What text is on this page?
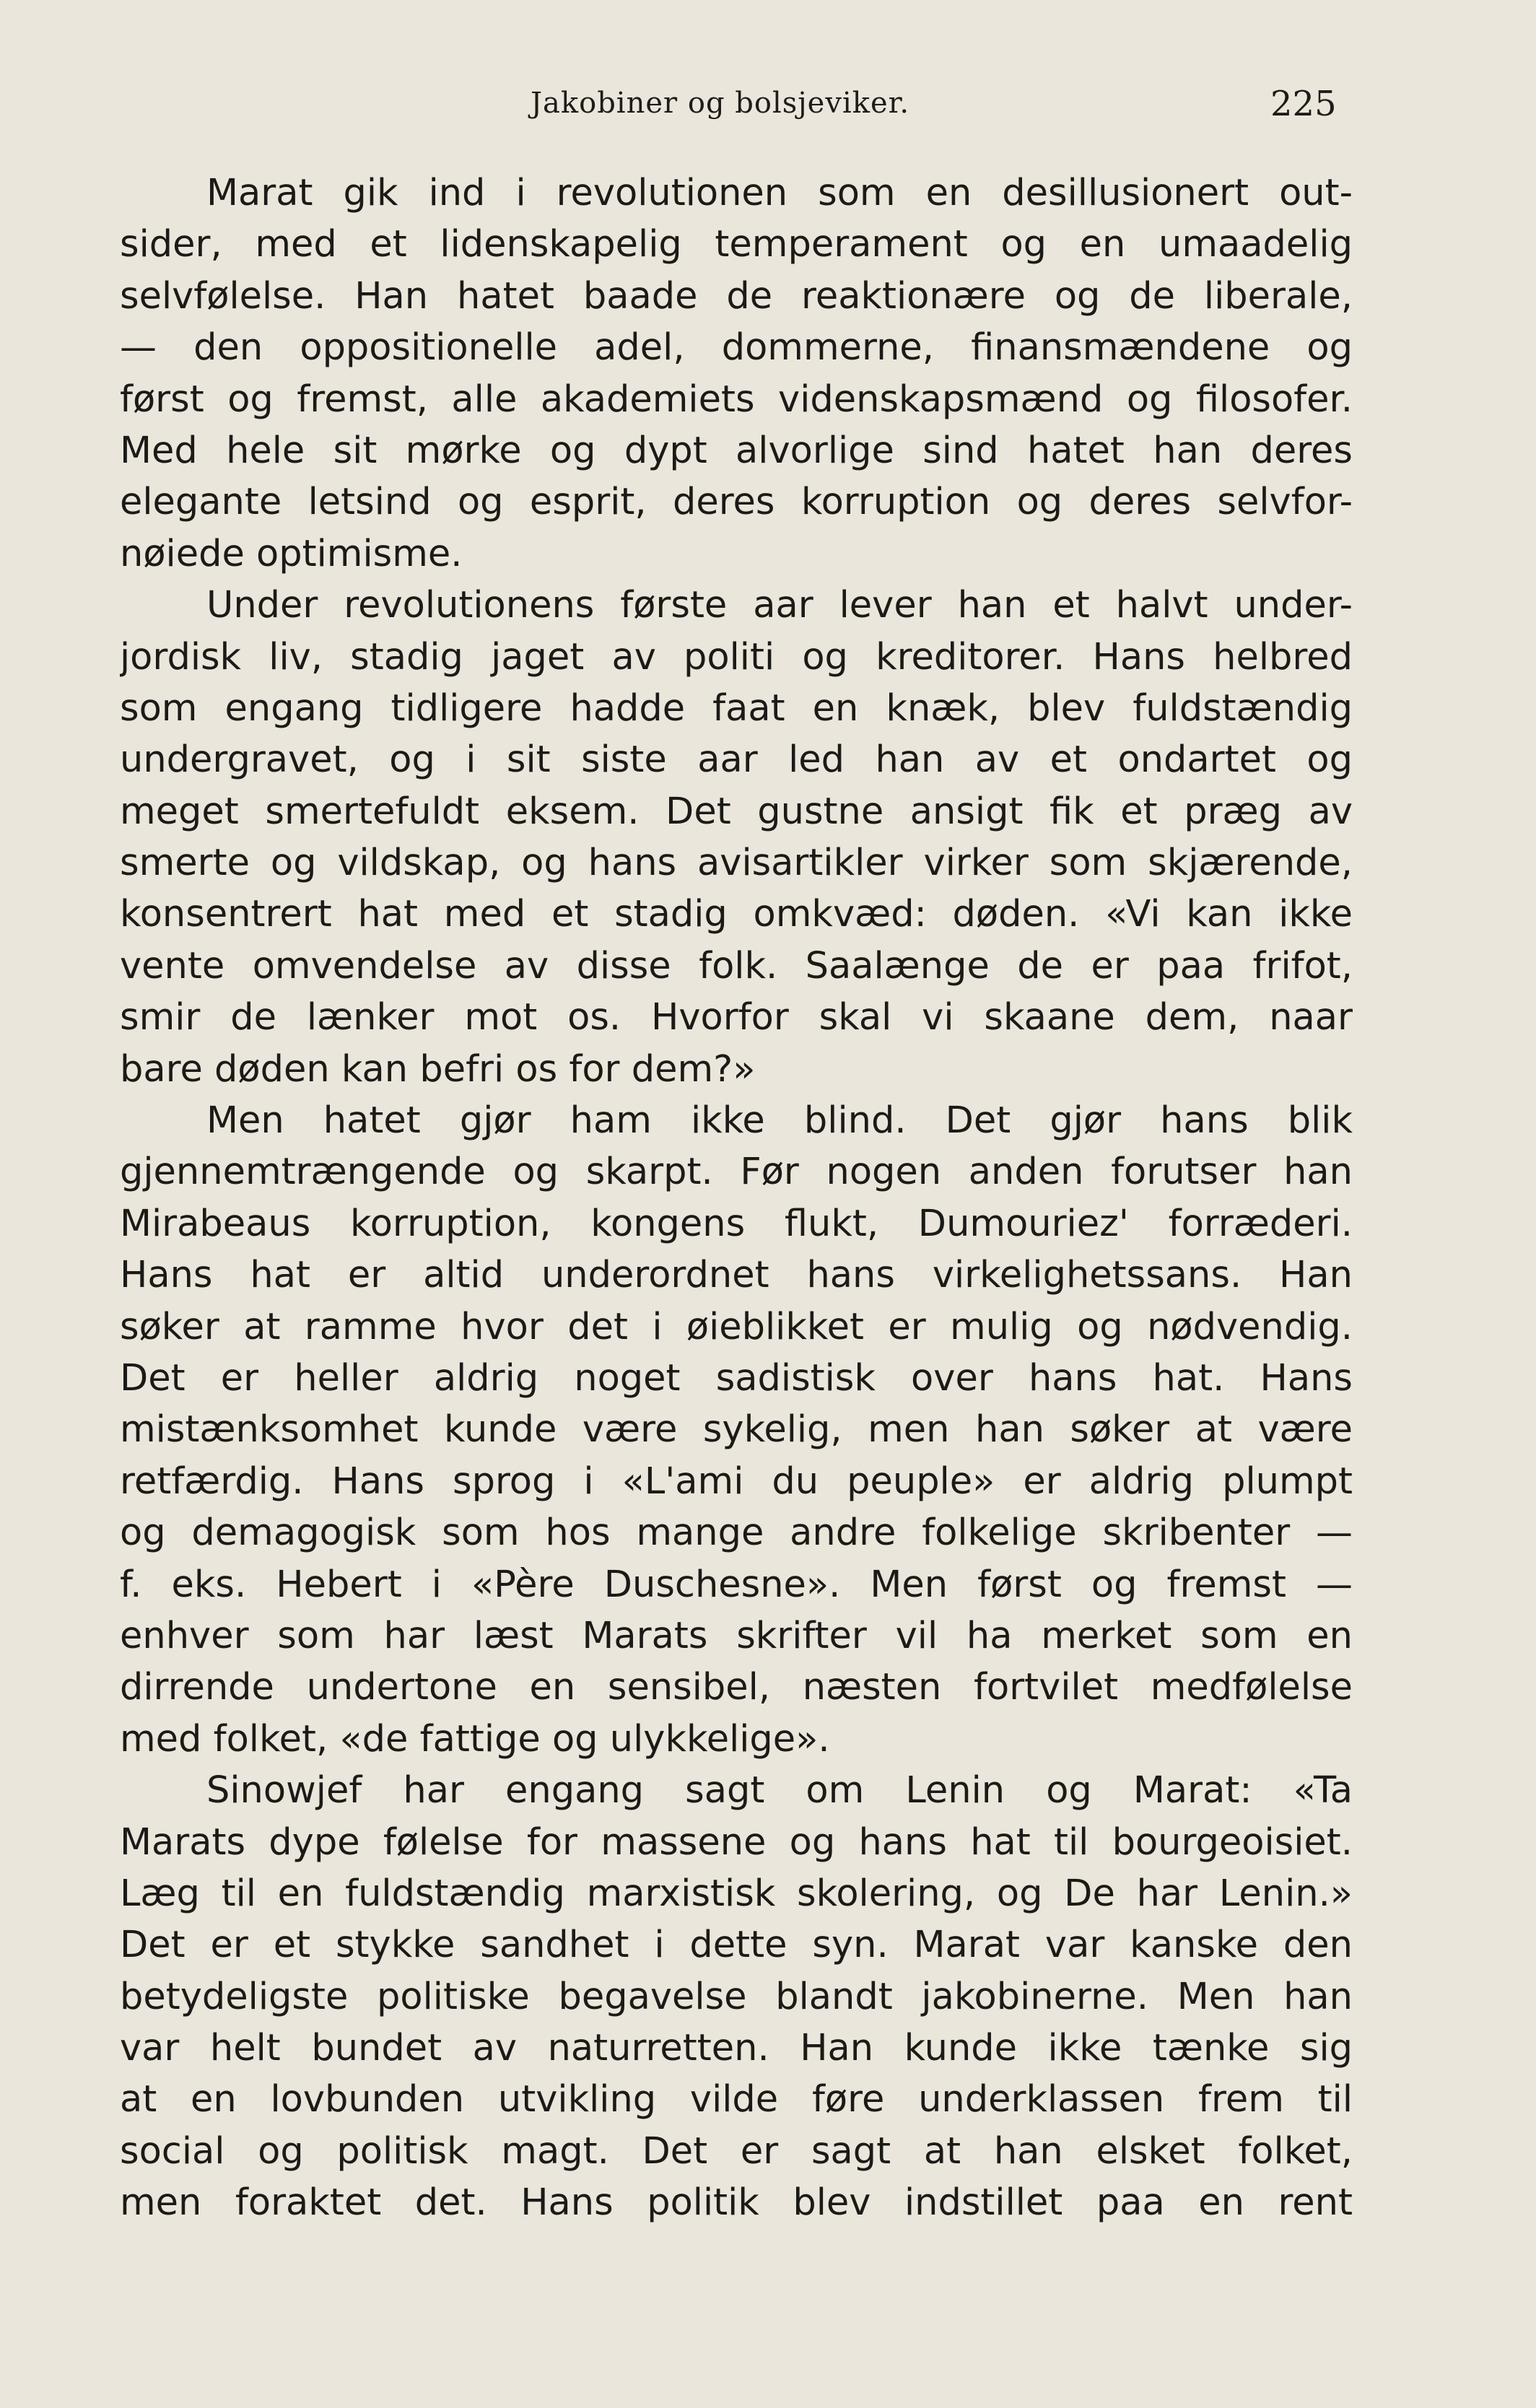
Jakobiner og bolsjeviker.	225
Marat gik ind i revolutionen som en desillusionert out-
sider, med et lidenskapelig temperament og en umaadelig
selvfølelse. Han hatet baade de reaktionære og de liberale,
— den oppositionelle adel, dommerne, finansmændene og
først og fremst, alle akademiets videnskapsmænd og filosofer.
Med hele sit mørke og dypt alvorlige sind hatet han deres
elegante letsind og esprit, deres korruption og deres selvfor-
nøiede optimisme.
Under revolutionens første aar lever han et halvt under-
jordisk liv, stadig jaget av politi og kreditorer. Hans helbred
som engang tidligere hadde faat en knæk, blev fuldstændig
undergravet, og i sit siste aar led han av et ondartet og
meget smertefuldt eksem. Det gustne ansigt fik et præg av
smerte og vildskap, og hans avisartikler virker som skjærende,
konsentrert hat med et stadig omkvæd: døden. «Vi kan ikke
vente omvendelse av disse folk. Saalænge de er paa frifot,
smir de lænker mot os. Hvorfor skal vi skaane dem, naar
bare døden kan befri os for dem?»
Men hatet gjør ham ikke blind. Det gjør hans blik
gjennemtrængende og skarpt. Før nogen anden forutser han
Mirabeaus korruption, kongens flukt, Dumouriez' forræderi.
Hans hat er altid underordnet hans virkelighetssans. Han
søker at ramme hvor det i øieblikket er mulig og nødvendig.
Det er heller aldrig noget sadistisk over hans hat. Hans
mistænksomhet kunde være sykelig, men han søker at være
retfærdig. Hans sprog i «L'ami du peuple» er aldrig plumpt
og demagogisk som hos mange andre folkelige skribenter —
f. eks. Hebert i «Père Duschesne». Men først og fremst —
enhver som har læst Marats skrifter vil ha merket som en
dirrende undertone en sensibel, næsten fortvilet medfølelse
med folket, «de fattige og ulykkelige».
Sinowjef har engang sagt om Lenin og Marat: «Ta
Marats dype følelse for massene og hans hat til bourgeoisiet.
Læg til en fuldstændig marxistisk skolering, og De har Lenin.»
Det er et stykke sandhet i dette syn. Marat var kanske den
betydeligste politiske begavelse blandt jakobinerne. Men han
var helt bundet av naturretten. Han kunde ikke tænke sig
at en lovbunden utvikling vilde føre underklassen frem til
social og politisk magt. Det er sagt at han elsket folket,
men foraktet det. Hans politik blev indstillet paa en rent
